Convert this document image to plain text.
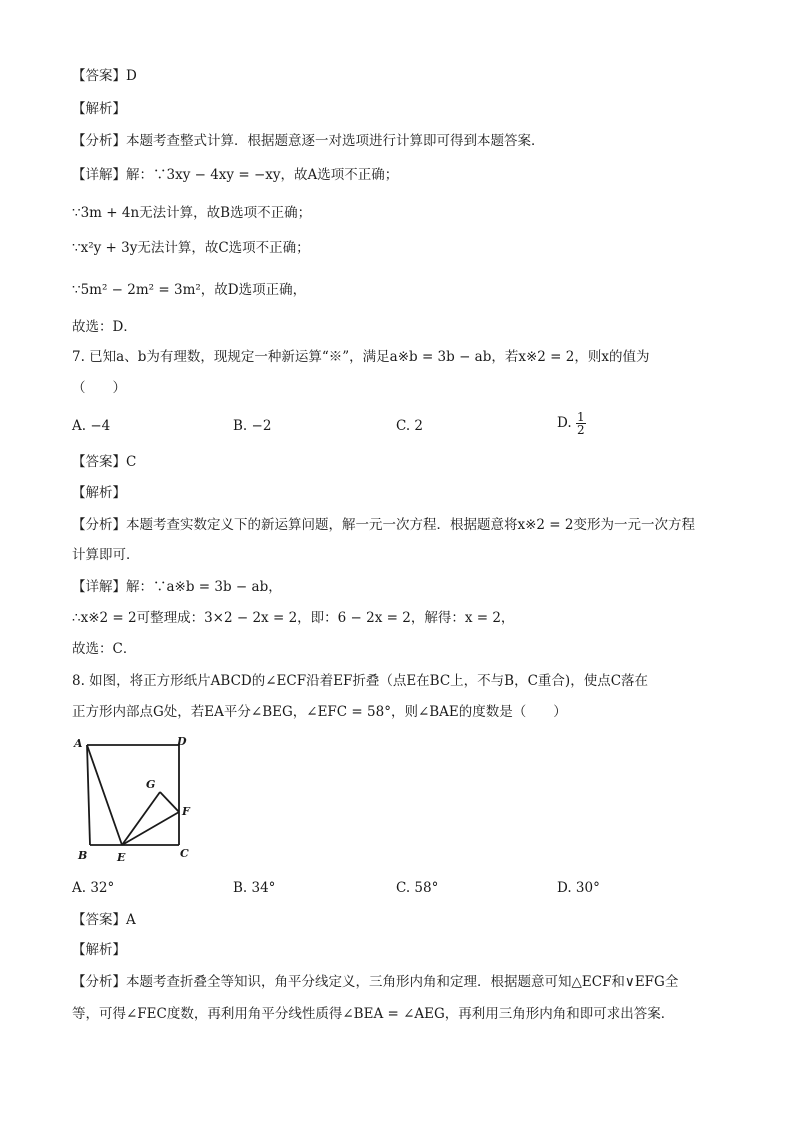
【答案】D
【解析】
【分析】本题考查整式计算．根据题意逐一对选项进行计算即可得到本题答案．
【详解】解：∵3xy − 4xy = −xy，故A选项不正确；
∵3m + 4n无法计算，故B选项不正确；
∵x²y + 3y无法计算，故C选项不正确；
∵5m² − 2m² = 3m²，故D选项正确，
故选：D．
7. 已知a、b为有理数，现规定一种新运算“※”，满足a※b = 3b − ab，若x※2 = 2，则x的值为
（　　）
A. −4	B. −2	C. 2	D. $\frac{1}{2}$
【答案】C
【解析】
【分析】本题考查实数定义下的新运算问题，解一元一次方程．根据题意将x※2 = 2变形为一元一次方程
计算即可．
【详解】解：∵a※b = 3b − ab，
∴x※2 = 2可整理成：3×2 − 2x = 2，即：6 − 2x = 2，解得：x = 2，
故选：C．
8. 如图，将正方形纸片ABCD的∠ECF沿着EF折叠（点E在BC上，不与B，C重合)，使点C落在
正方形内部点G处，若EA平分∠BEG，∠EFC = 58°，则∠BAE的度数是（　　）
A	D
B	E	C
G
F
A. 32°	B. 34°	C. 58°	D. 30°
【答案】A
【解析】
【分析】本题考查折叠全等知识，角平分线定义，三角形内角和定理．根据题意可知△ECF和∨EFG全
等，可得∠FEC度数，再利用角平分线性质得∠BEA = ∠AEG，再利用三角形内角和即可求出答案．
